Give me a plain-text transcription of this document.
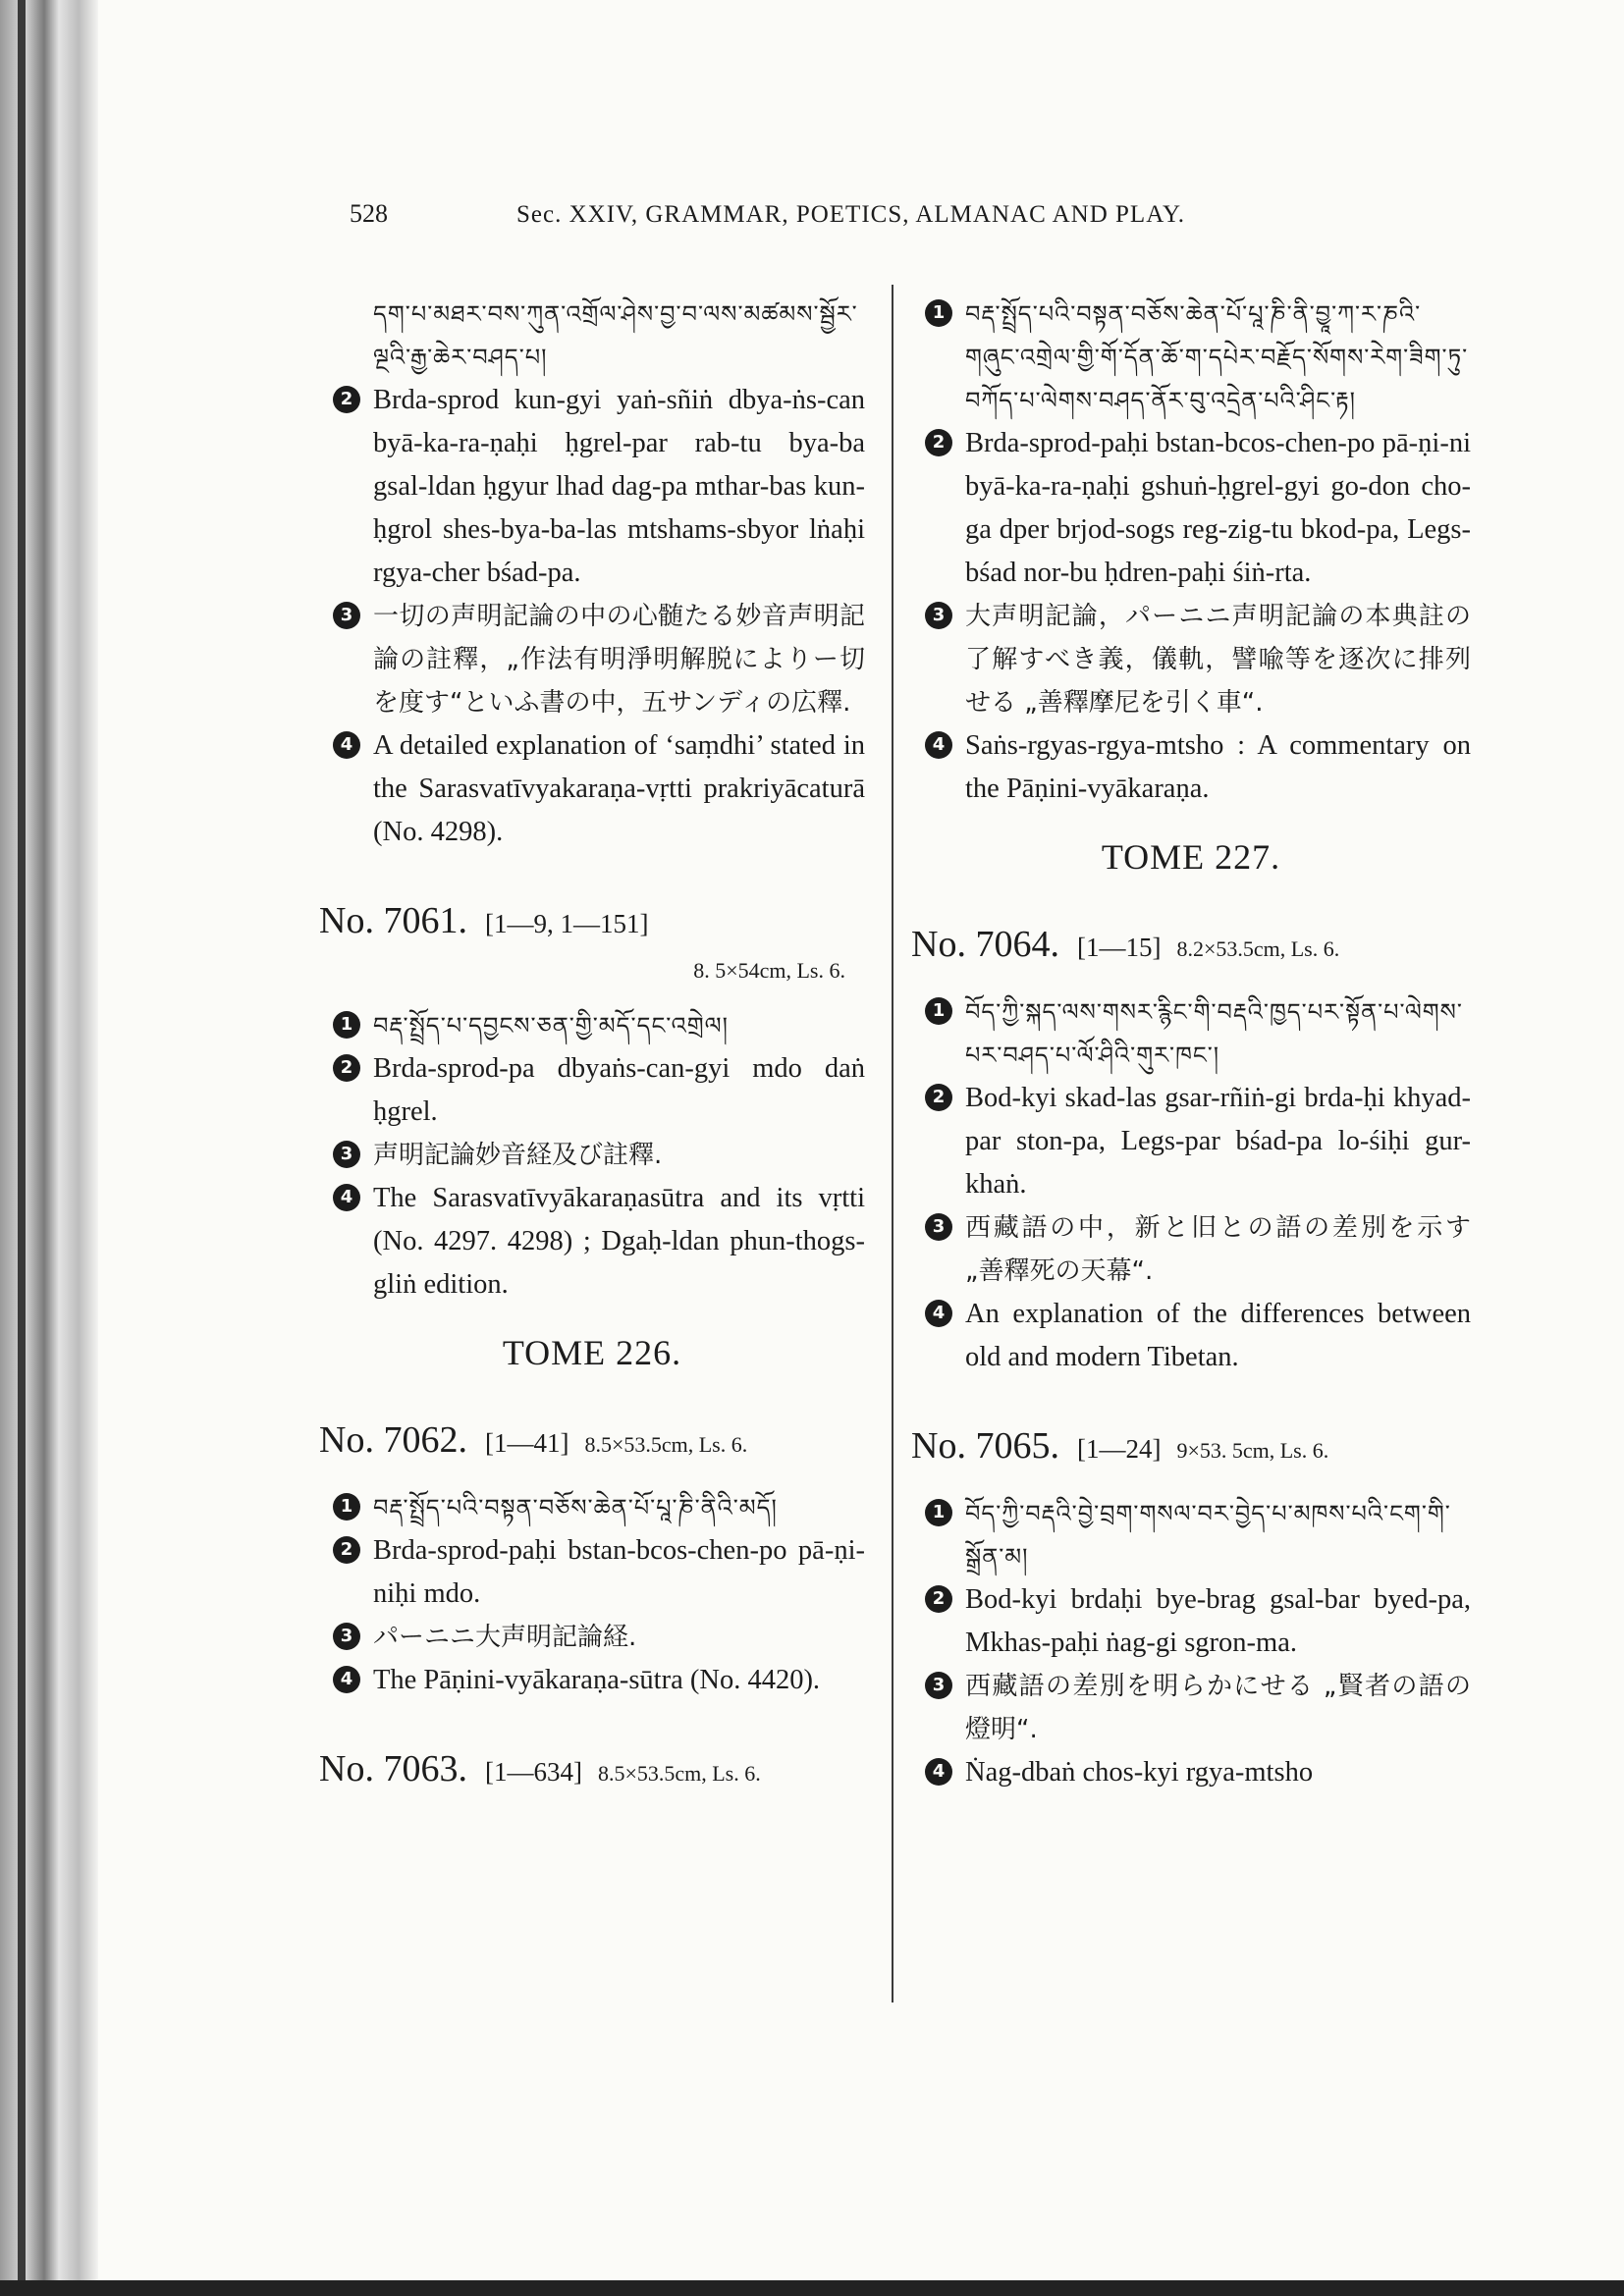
528	Sec. XXIV, GRAMMAR, POETICS, ALMANAC AND PLAY.
དག་པ་མཐར་བས་ཀུན་འགྲོལ་ཤེས་བྱ་བ་ལས་མཚམས་སྦྱོར་ལྔའི་རྒྱ་ཆེར་བཤད་པ།
2 Brda-sprod kun-gyi yaṅ-sñiṅ dbya-ṅs-can byā-ka-ra-ṇaḥi ḥgrel-par rab-tu bya-ba gsal-ldan ḥgyur lhad dag-pa mthar-bas kun-ḥgrol shes-bya-ba-las mtshams-sbyor lṅaḥi rgya-cher bśad-pa.
3 一切の声明記論の中の心髄たる妙音声明記論の註釋，„作法有明淨明解脱によりー切を度す“といふ書の中，五サンディの広釋.
4 A detailed explanation of ‘saṃdhi’ stated in the Sarasvatīvyakaraṇa-vṛtti prakriyācaturā (No. 4298).
No. 7061. [1—9, 1—151]
8. 5×54cm, Ls. 6.
1 བརྡ་སྤྲོད་པ་དབྱངས་ཅན་གྱི་མདོ་དང་འགྲེལ།
2 Brda-sprod-pa dbyaṅs-can-gyi mdo daṅ ḥgrel.
3 声明記論妙音経及び註釋.
4 The Sarasvatīvyākaraṇasūtra and its vṛtti (No. 4297. 4298) ; Dgaḥ-ldan phun-thogs-gliṅ edition.
TOME 226.
No. 7062. [1—41] 8.5×53.5cm, Ls. 6.
1 བརྡ་སྤྲོད་པའི་བསྟན་བཅོས་ཆེན་པོ་པཱ་ཎི་ནིའི་མདོ།
2 Brda-sprod-paḥi bstan-bcos-chen-po pā-ṇi-niḥi mdo.
3 パーニニ大声明記論経.
4 The Pāṇini-vyākaraṇa-sūtra (No. 4420).
No. 7063. [1—634] 8.5×53.5cm, Ls. 6.
1 བརྡ་སྤྲོད་པའི་བསྟན་བཅོས་ཆེན་པོ་པཱ་ཎི་ནི་བྱཱ་ཀ་ར་ཎའི་གཞུང་འགྲེལ་གྱི་གོ་དོན་ཆོ་ག་དཔེར་བརྗོད་སོགས་རེག་ཟིག་ཏུ་བཀོད་པ་ལེགས་བཤད་ནོར་བུ་འདྲེན་པའི་ཤིང་རྟ།
2 Brda-sprod-paḥi bstan-bcos-chen-po pā-ṇi-ni byā-ka-ra-ṇaḥi gshuṅ-ḥgrel-gyi go-don cho-ga dper brjod-sogs reg-zig-tu bkod-pa, Legs-bśad nor-bu ḥdren-paḥi śiṅ-rta.
3 大声明記論，パーニニ声明記論の本典註の了解すべき義，儀軌，譬喩等を逐次に排列せる „善釋摩尼を引く車“.
4 Saṅs-rgyas-rgya-mtsho : A commentary on the Pāṇini-vyākaraṇa.
TOME 227.
No. 7064. [1—15] 8.2×53.5cm, Ls. 6.
1 བོད་ཀྱི་སྐད་ལས་གསར་རྙིང་གི་བརྡའི་ཁྱད་པར་སྟོན་པ་ལེགས་པར་བཤད་པ་ལོ་ཤིའི་གུར་ཁང་།
2 Bod-kyi skad-las gsar-rñiṅ-gi brda-ḥi khyad-par ston-pa, Legs-par bśad-pa lo-śiḥi gur-khaṅ.
3 西藏語の中，新と旧との語の差別を示す „善釋死の天幕“.
4 An explanation of the differences between old and modern Tibetan.
No. 7065. [1—24] 9×53. 5cm, Ls. 6.
1 བོད་ཀྱི་བརྡའི་བྱེ་བྲག་གསལ་བར་བྱེད་པ་མཁས་པའི་ངག་གི་སྒྲོན་མ།
2 Bod-kyi brdaḥi bye-brag gsal-bar byed-pa, Mkhas-paḥi ṅag-gi sgron-ma.
3 西藏語の差別を明らかにせる „賢者の語の燈明“.
4 Ṅag-dbaṅ chos-kyi rgya-mtsho
